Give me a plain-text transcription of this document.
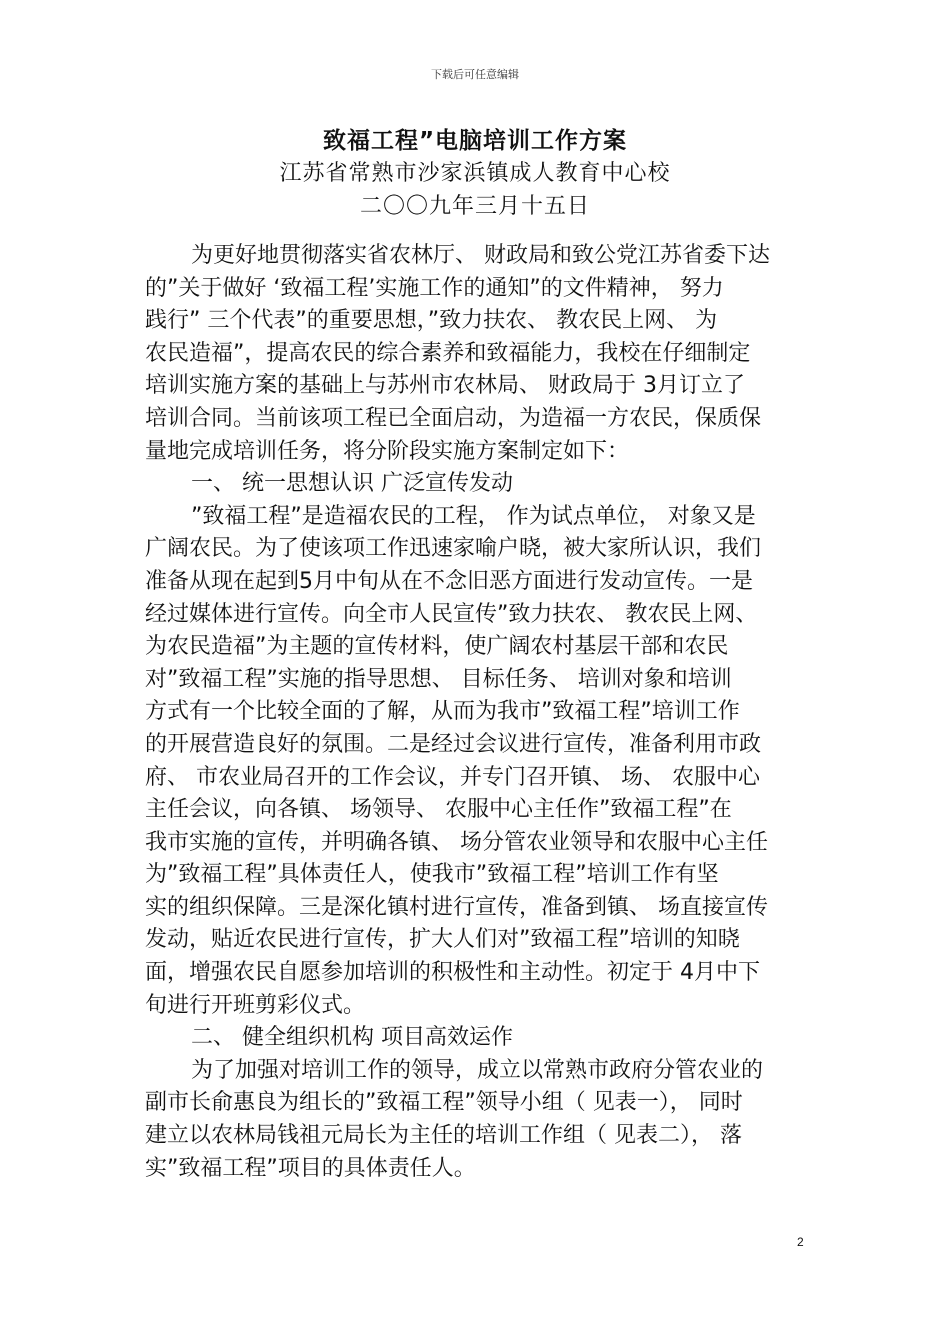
下载后可任意编辑
致福工程”电脑培训工作方案
江苏省常熟市沙家浜镇成人教育中心校
二〇〇九年三月十五日
为更好地贯彻落实省农林厅、 财政局和致公党江苏省委下达
的”关于做好 ‘致福工程’实施工作的通知”的文件精神， 努力
践行” 三个代表”的重要思想，”致力扶农、 教农民上网、 为
农民造福”，提高农民的综合素养和致福能力，我校在仔细制定
培训实施方案的基础上与苏州市农林局、 财政局于 3月订立了
培训合同。当前该项工程已全面启动，为造福一方农民，保质保
量地完成培训任务，将分阶段实施方案制定如下：
一、 统一思想认识 广泛宣传发动
”致福工程”是造福农民的工程， 作为试点单位， 对象又是
广阔农民。为了使该项工作迅速家喻户晓，被大家所认识，我们
准备从现在起到5月中旬从在不念旧恶方面进行发动宣传。一是
经过媒体进行宣传。向全市人民宣传”致力扶农、 教农民上网、
为农民造福”为主题的宣传材料，使广阔农村基层干部和农民
对”致福工程”实施的指导思想、 目标任务、 培训对象和培训
方式有一个比较全面的了解，从而为我市”致福工程”培训工作
的开展营造良好的氛围。二是经过会议进行宣传，准备利用市政
府、 市农业局召开的工作会议，并专门召开镇、 场、 农服中心
主任会议，向各镇、 场领导、 农服中心主任作”致福工程”在
我市实施的宣传，并明确各镇、 场分管农业领导和农服中心主任
为”致福工程”具体责任人，使我市”致福工程”培训工作有坚
实的组织保障。三是深化镇村进行宣传，准备到镇、 场直接宣传
发动，贴近农民进行宣传，扩大人们对”致福工程”培训的知晓
面，增强农民自愿参加培训的积极性和主动性。初定于 4月中下
旬进行开班剪彩仪式。
二、 健全组织机构 项目高效运作
为了加强对培训工作的领导，成立以常熟市政府分管农业的
副市长俞惠良为组长的”致福工程”领导小组（ 见表一）， 同时
建立以农林局钱祖元局长为主任的培训工作组（ 见表二）， 落
实”致福工程”项目的具体责任人。
2
